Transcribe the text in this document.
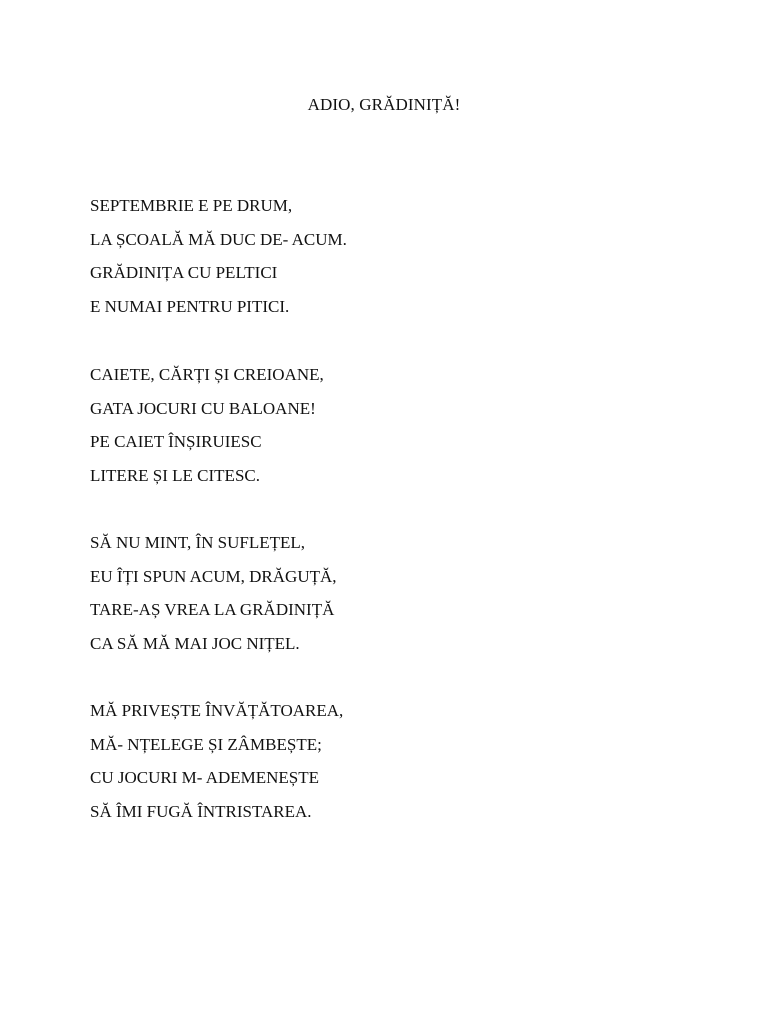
ADIO, GRĂDINIȚĂ!
SEPTEMBRIE E PE DRUM,
LA ȘCOALĂ MĂ DUC DE- ACUM.
GRĂDINIȚA CU PELTICI
E NUMAI PENTRU PITICI.
CAIETE, CĂRȚI ȘI CREIOANE,
GATA JOCURI CU BALOANE!
PE CAIET ÎNȘIRUIESC
LITERE ȘI LE CITESC.
SĂ NU MINT, ÎN SUFLEȚEL,
EU ÎȚI SPUN ACUM, DRĂGUȚĂ,
TARE-AȘ VREA LA GRĂDINIȚĂ
CA SĂ MĂ MAI JOC NIȚEL.
MĂ PRIVEȘTE ÎNVĂȚĂTOAREA,
MĂ- NȚELEGE ȘI ZÂMBEȘTE;
CU JOCURI M- ADEMENEȘTE
SĂ ÎMI FUGĂ ÎNTRISTAREA.
